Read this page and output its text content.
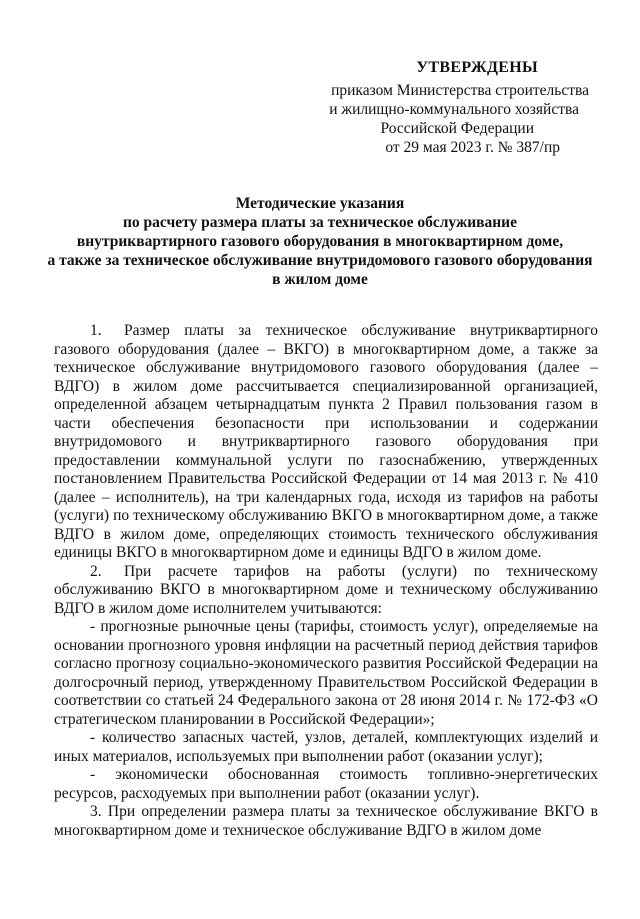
УТВЕРЖДЕНЫ
приказом Министерства строительства
и жилищно-коммунального хозяйства
Российской Федерации
от 29 мая 2023 г. № 387/пр
Методические указания
по расчету размера платы за техническое обслуживание
внутриквартирного газового оборудования в многоквартирном доме,
а также за техническое обслуживание внутридомового газового оборудования
в жилом доме

1. Размер платы за техническое обслуживание внутриквартирного газового оборудования (далее – ВКГО) в многоквартирном доме, а также за техническое обслуживание внутридомового газового оборудования (далее – ВДГО) в жилом доме рассчитывается специализированной организацией, определенной абзацем четырнадцатым пункта 2 Правил пользования газом в части обеспечения безопасности при использовании и содержании внутридомового и внутриквартирного газового оборудования при предоставлении коммунальной услуги по газоснабжению, утвержденных постановлением Правительства Российской Федерации от 14 мая 2013 г. № 410 (далее – исполнитель), на три календарных года, исходя из тарифов на работы (услуги) по техническому обслуживанию ВКГО в многоквартирном доме, а также ВДГО в жилом доме, определяющих стоимость технического обслуживания единицы ВКГО в многоквартирном доме и единицы ВДГО в жилом доме.

2. При расчете тарифов на работы (услуги) по техническому обслуживанию ВКГО в многоквартирном доме и техническому обслуживанию ВДГО в жилом доме исполнителем учитываются:

- прогнозные рыночные цены (тарифы, стоимость услуг), определяемые на основании прогнозного уровня инфляции на расчетный период действия тарифов согласно прогнозу социально-экономического развития Российской Федерации на долгосрочный период, утвержденному Правительством Российской Федерации в соответствии со статьей 24 Федерального закона от 28 июня 2014 г. № 172-ФЗ «О стратегическом планировании в Российской Федерации»;

- количество запасных частей, узлов, деталей, комплектующих изделий и иных материалов, используемых при выполнении работ (оказании услуг);

- экономически обоснованная стоимость топливно-энергетических ресурсов, расходуемых при выполнении работ (оказании услуг).

3. При определении размера платы за техническое обслуживание ВКГО в многоквартирном доме и техническое обслуживание ВДГО в жилом доме
